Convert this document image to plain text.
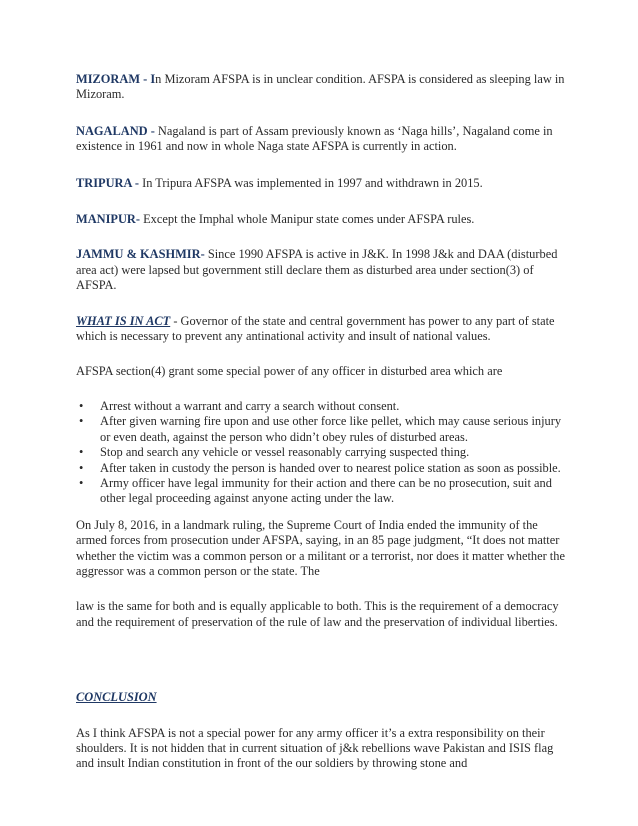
MIZORAM - In Mizoram AFSPA is in unclear condition. AFSPA is considered as sleeping law in Mizoram.

NAGALAND - Nagaland is part of Assam previously known as ‘Naga hills’, Nagaland come in existence in 1961 and now in whole Naga state AFSPA is currently in action.

TRIPURA - In Tripura AFSPA was implemented in 1997 and withdrawn in 2015.

MANIPUR- Except the Imphal whole Manipur state comes under AFSPA rules.

JAMMU & KASHMIR- Since 1990 AFSPA is active in J&K. In 1998 J&k and DAA (disturbed area act) were lapsed but government still declare them as disturbed area under section(3) of AFSPA.

WHAT IS IN ACT - Governor of the state and central government has power to any part of state which is necessary to prevent any antinational activity and insult of national values.

AFSPA section(4) grant some special power of any officer in disturbed area which are

• Arrest without a warrant and carry a search without consent.
• After given warning fire upon and use other force like pellet, which may cause serious injury or even death, against the person who didn’t obey rules of disturbed areas.
• Stop and search any vehicle or vessel reasonably carrying suspected thing.
• After taken in custody the person is handed over to nearest police station as soon as possible.
• Army officer have legal immunity for their action and there can be no prosecution, suit and other legal proceeding against anyone acting under the law.

On July 8, 2016, in a landmark ruling, the Supreme Court of India ended the immunity of the armed forces from prosecution under AFSPA, saying, in an 85 page judgment, “It does not matter whether the victim was a common person or a militant or a terrorist, nor does it matter whether the aggressor was a common person or the state. The

law is the same for both and is equally applicable to both. This is the requirement of a democracy and the requirement of preservation of the rule of law and the preservation of individual liberties.

CONCLUSION

As I think AFSPA is not a special power for any army officer it’s a extra responsibility on their shoulders. It is not hidden that in current situation of j&k rebellions wave Pakistan and ISIS flag and insult Indian constitution in front of the our soldiers by throwing stone and
